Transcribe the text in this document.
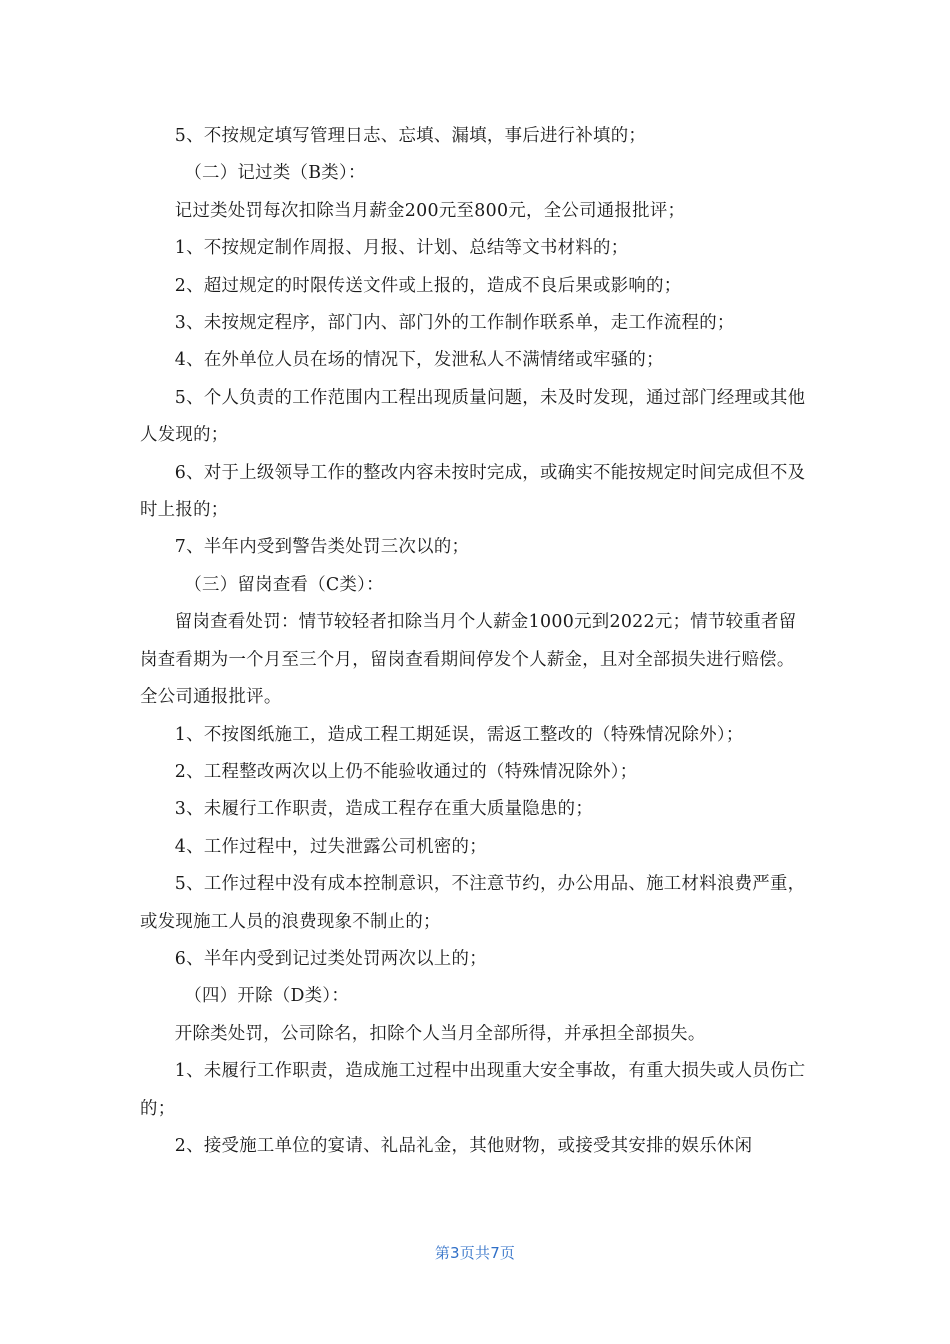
5、不按规定填写管理日志、忘填、漏填，事后进行补填的；

（二）记过类（B类）：

记过类处罚每次扣除当月薪金200元至800元，全公司通报批评；

1、不按规定制作周报、月报、计划、总结等文书材料的；

2、超过规定的时限传送文件或上报的，造成不良后果或影响的；

3、未按规定程序，部门内、部门外的工作制作联系单，走工作流程的；

4、在外单位人员在场的情况下，发泄私人不满情绪或牢骚的；

5、个人负责的工作范围内工程出现质量问题，未及时发现，通过部门经理或其他人发现的；

6、对于上级领导工作的整改内容未按时完成，或确实不能按规定时间完成但不及时上报的；

7、半年内受到警告类处罚三次以的；

（三）留岗查看（C类）：

留岗查看处罚：情节较轻者扣除当月个人薪金1000元到2022元；情节较重者留岗查看期为一个月至三个月，留岗查看期间停发个人薪金，且对全部损失进行赔偿。全公司通报批评。

1、不按图纸施工，造成工程工期延误，需返工整改的（特殊情况除外）；

2、工程整改两次以上仍不能验收通过的（特殊情况除外）；

3、未履行工作职责，造成工程存在重大质量隐患的；

4、工作过程中，过失泄露公司机密的；

5、工作过程中没有成本控制意识，不注意节约，办公用品、施工材料浪费严重，或发现施工人员的浪费现象不制止的；

6、半年内受到记过类处罚两次以上的；

（四）开除（D类）：

开除类处罚，公司除名，扣除个人当月全部所得，并承担全部损失。

1、未履行工作职责，造成施工过程中出现重大安全事故，有重大损失或人员伤亡的；

2、接受施工单位的宴请、礼品礼金，其他财物，或接受其安排的娱乐休闲

第3页共7页
